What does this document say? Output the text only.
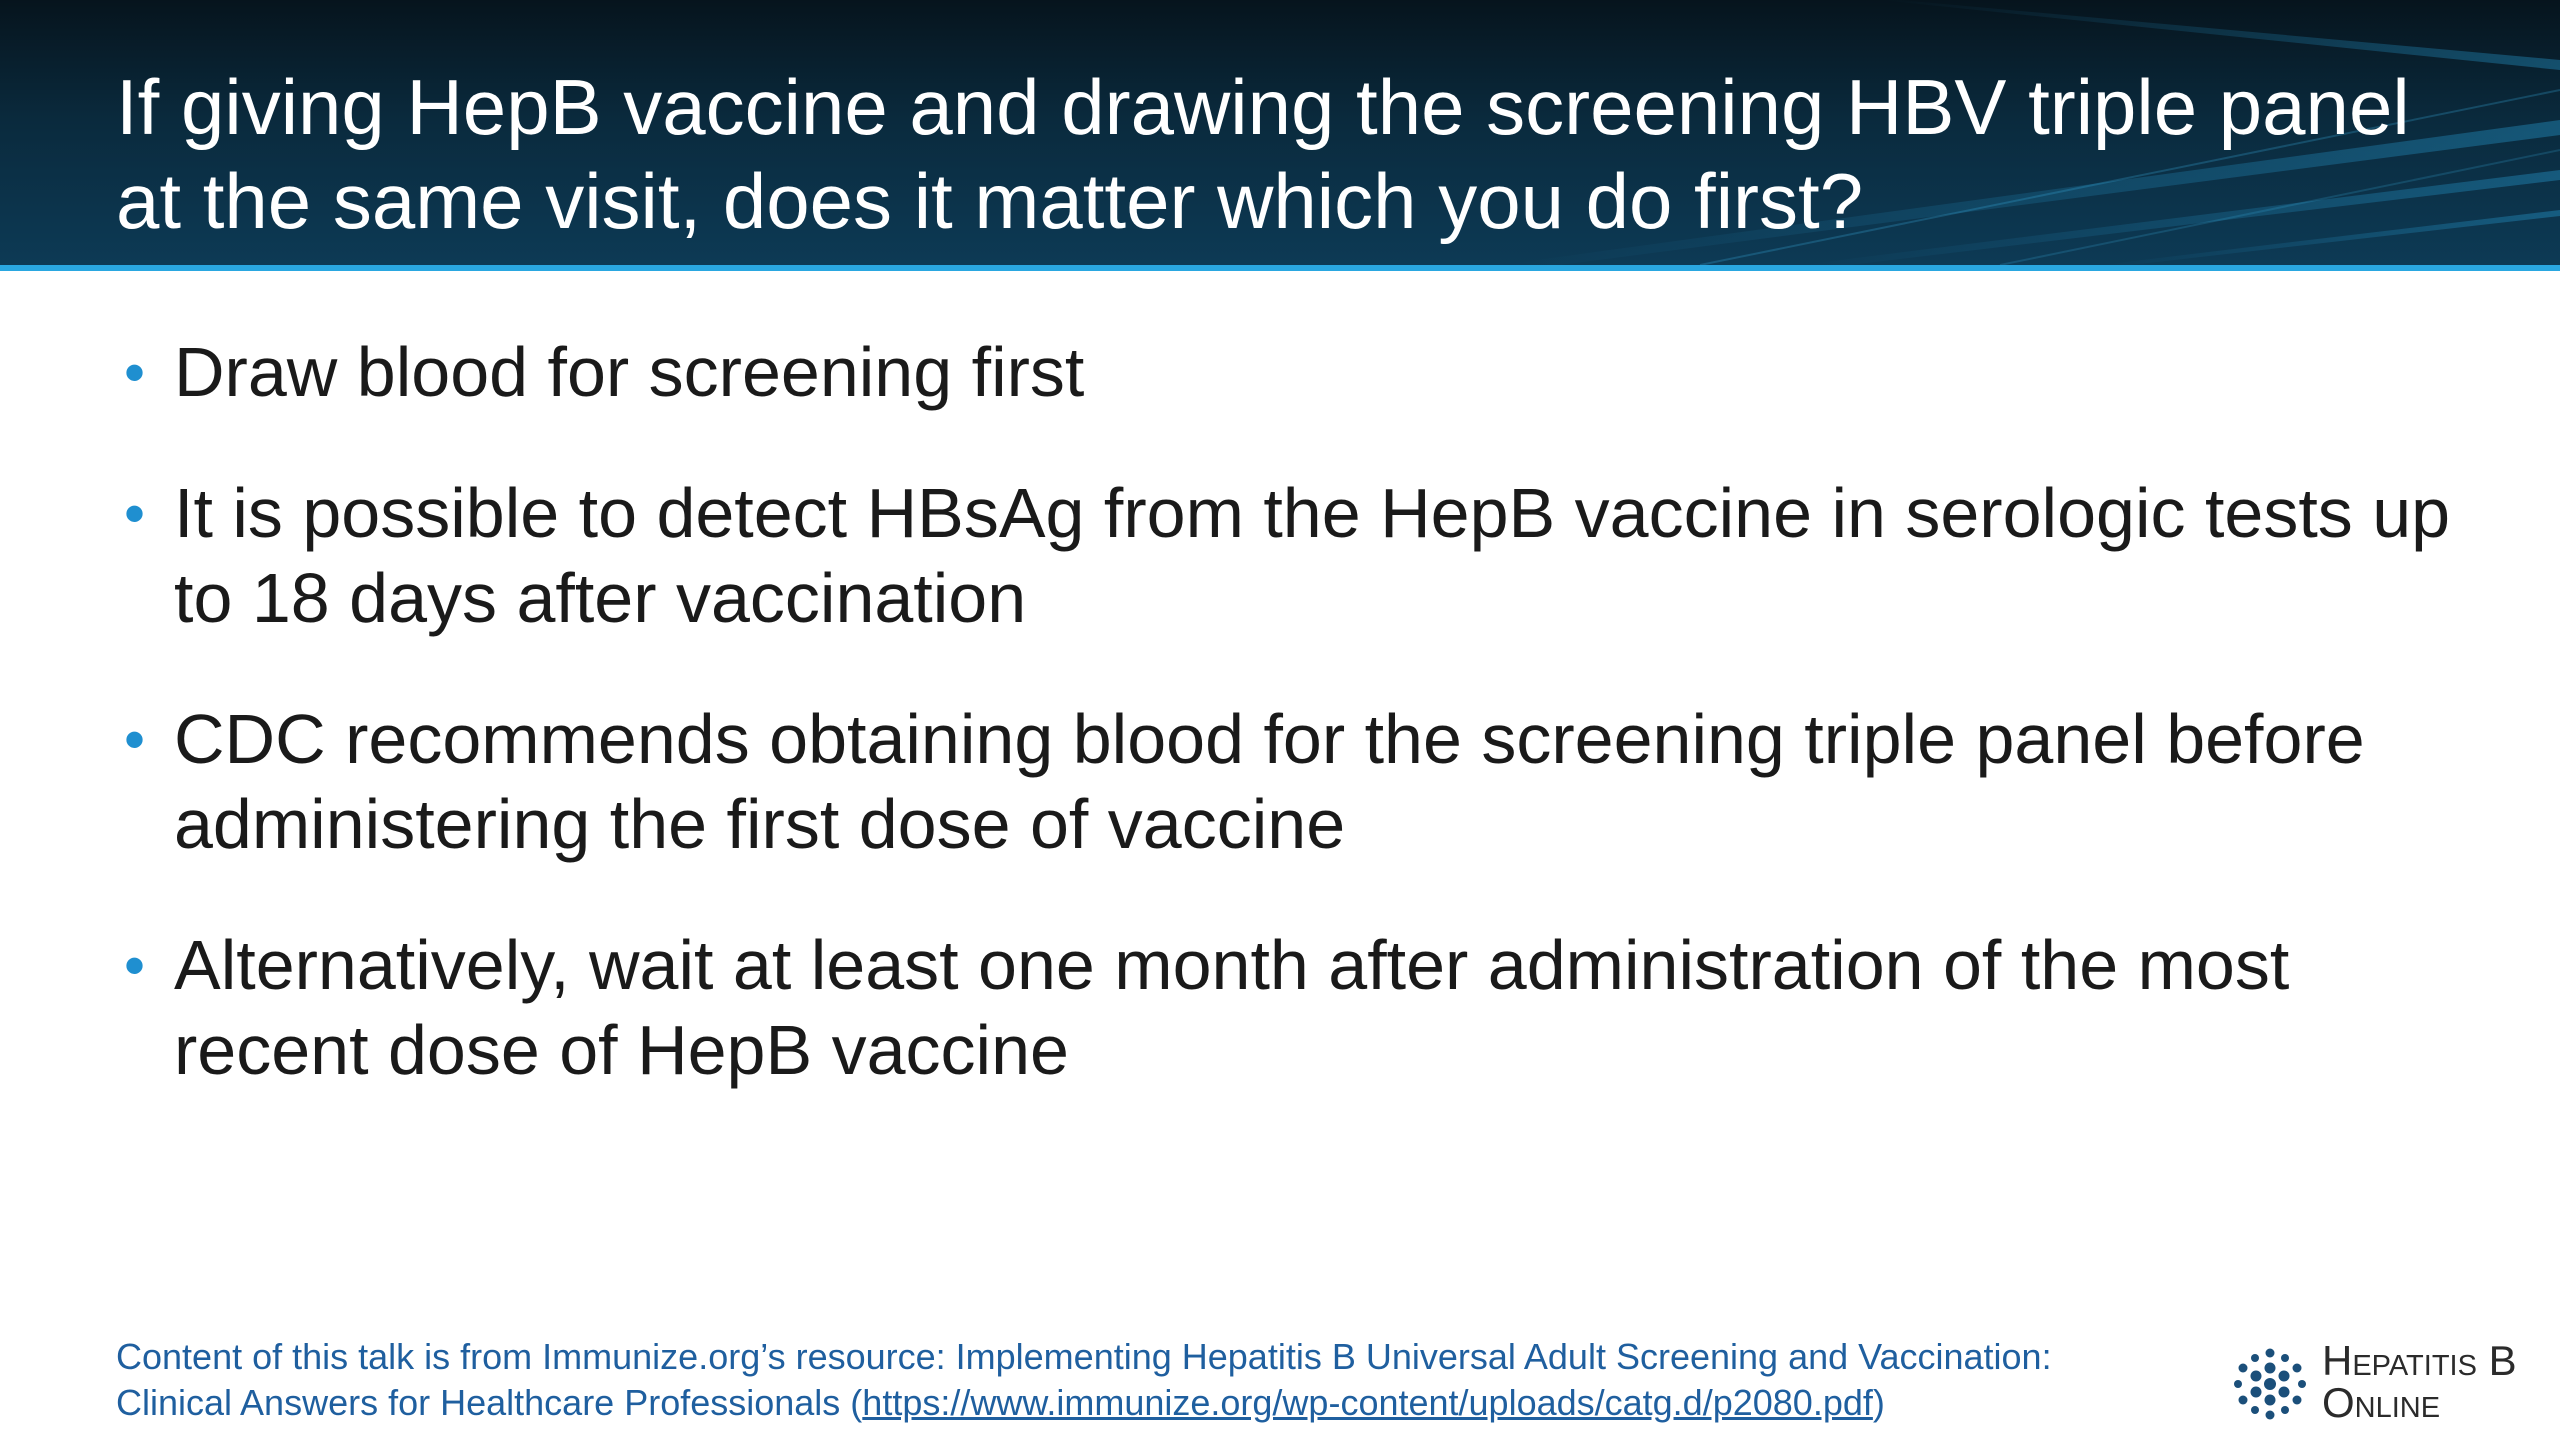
If giving HepB vaccine and drawing the screening HBV triple panel at the same visit, does it matter which you do first?
• Draw blood for screening first
• It is possible to detect HBsAg from the HepB vaccine in serologic tests up to 18 days after vaccination
• CDC recommends obtaining blood for the screening triple panel before administering the first dose of vaccine
• Alternatively, wait at least one month after administration of the most recent dose of HepB vaccine

Content of this talk is from Immunize.org’s resource: Implementing Hepatitis B Universal Adult Screening and Vaccination:
Clinical Answers for Healthcare Professionals (https://www.immunize.org/wp-content/uploads/catg.d/p2080.pdf)

Hepatitis B
Online
